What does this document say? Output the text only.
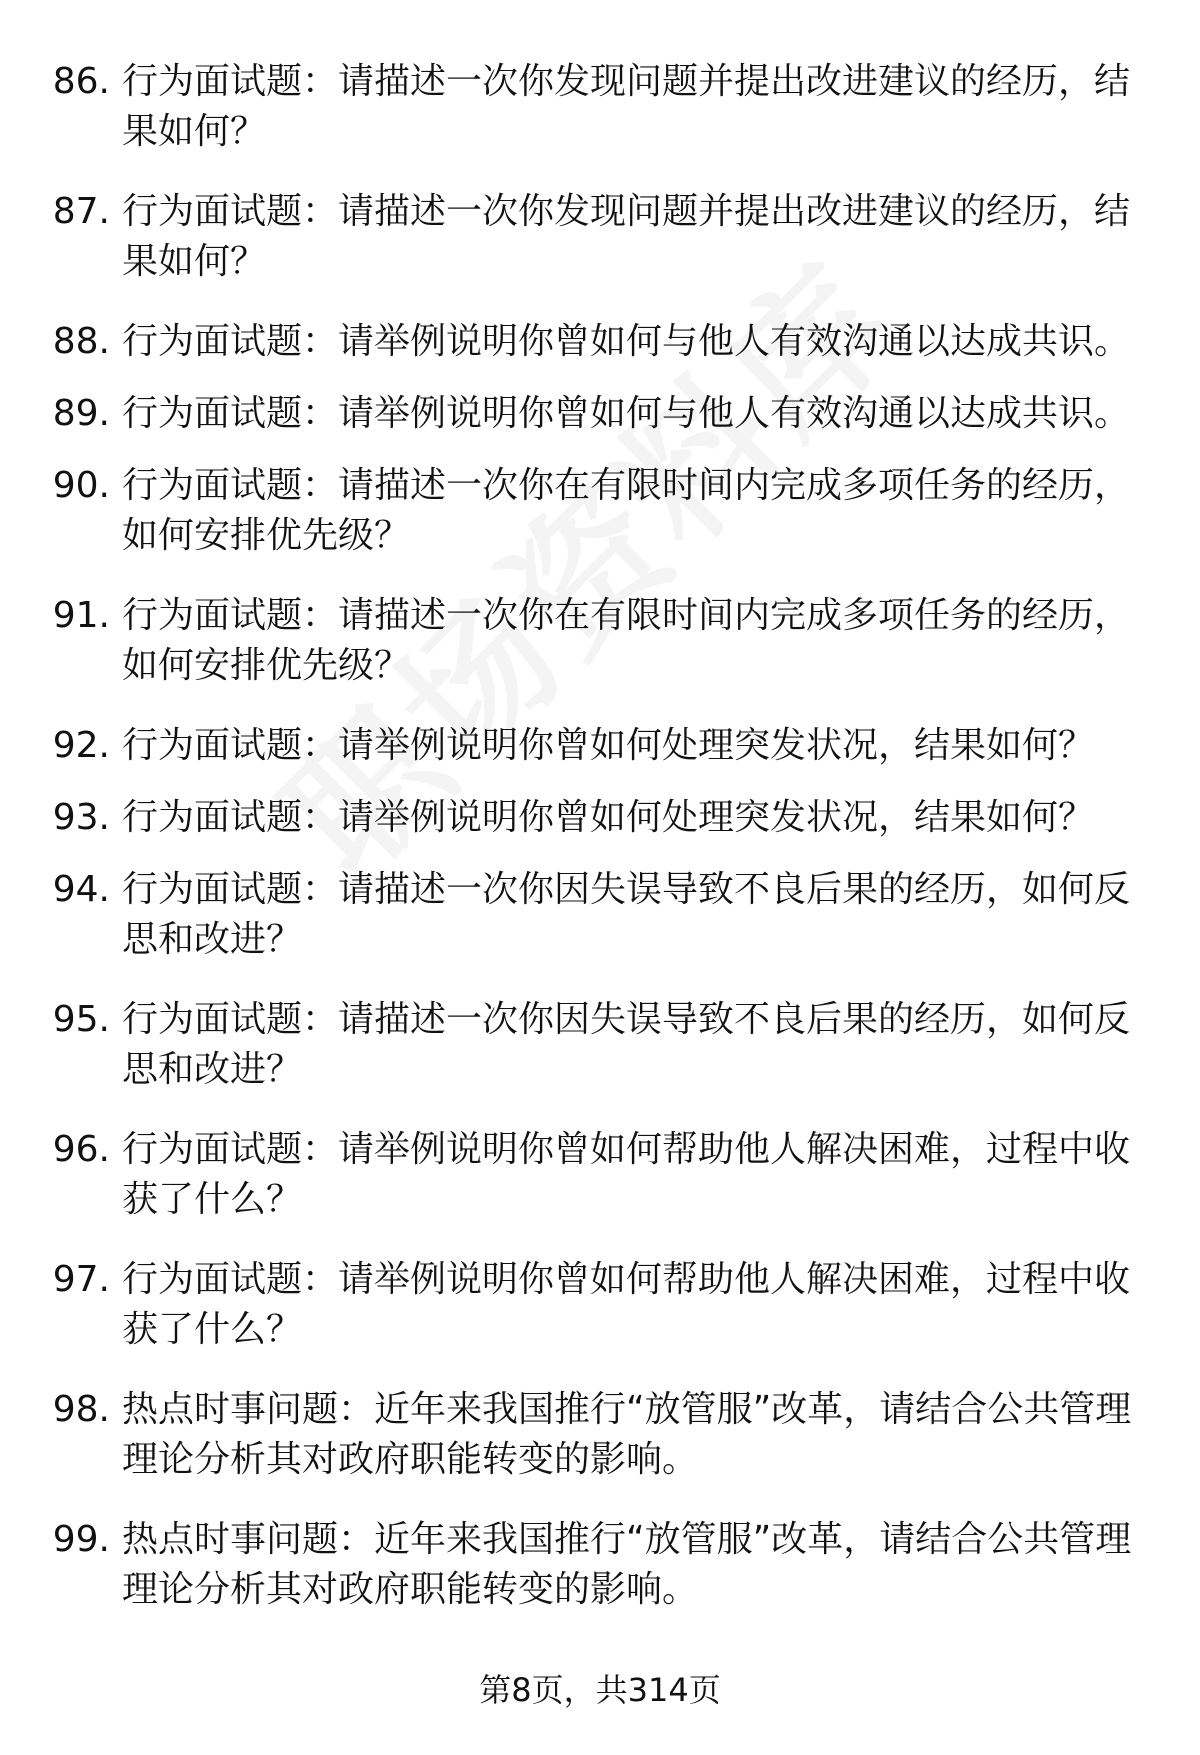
86. 行为面试题：请描述一次你发现问题并提出改进建议的经历，结果如何？
87. 行为面试题：请描述一次你发现问题并提出改进建议的经历，结果如何？
88. 行为面试题：请举例说明你曾如何与他人有效沟通以达成共识。
89. 行为面试题：请举例说明你曾如何与他人有效沟通以达成共识。
90. 行为面试题：请描述一次你在有限时间内完成多项任务的经历，如何安排优先级？
91. 行为面试题：请描述一次你在有限时间内完成多项任务的经历，如何安排优先级？
92. 行为面试题：请举例说明你曾如何处理突发状况，结果如何？
93. 行为面试题：请举例说明你曾如何处理突发状况，结果如何？
94. 行为面试题：请描述一次你因失误导致不良后果的经历，如何反思和改进？
95. 行为面试题：请描述一次你因失误导致不良后果的经历，如何反思和改进？
96. 行为面试题：请举例说明你曾如何帮助他人解决困难，过程中收获了什么？
97. 行为面试题：请举例说明你曾如何帮助他人解决困难，过程中收获了什么？
98. 热点时事问题：近年来我国推行“放管服”改革，请结合公共管理理论分析其对政府职能转变的影响。
99. 热点时事问题：近年来我国推行“放管服”改革，请结合公共管理理论分析其对政府职能转变的影响。
第8页，共314页
